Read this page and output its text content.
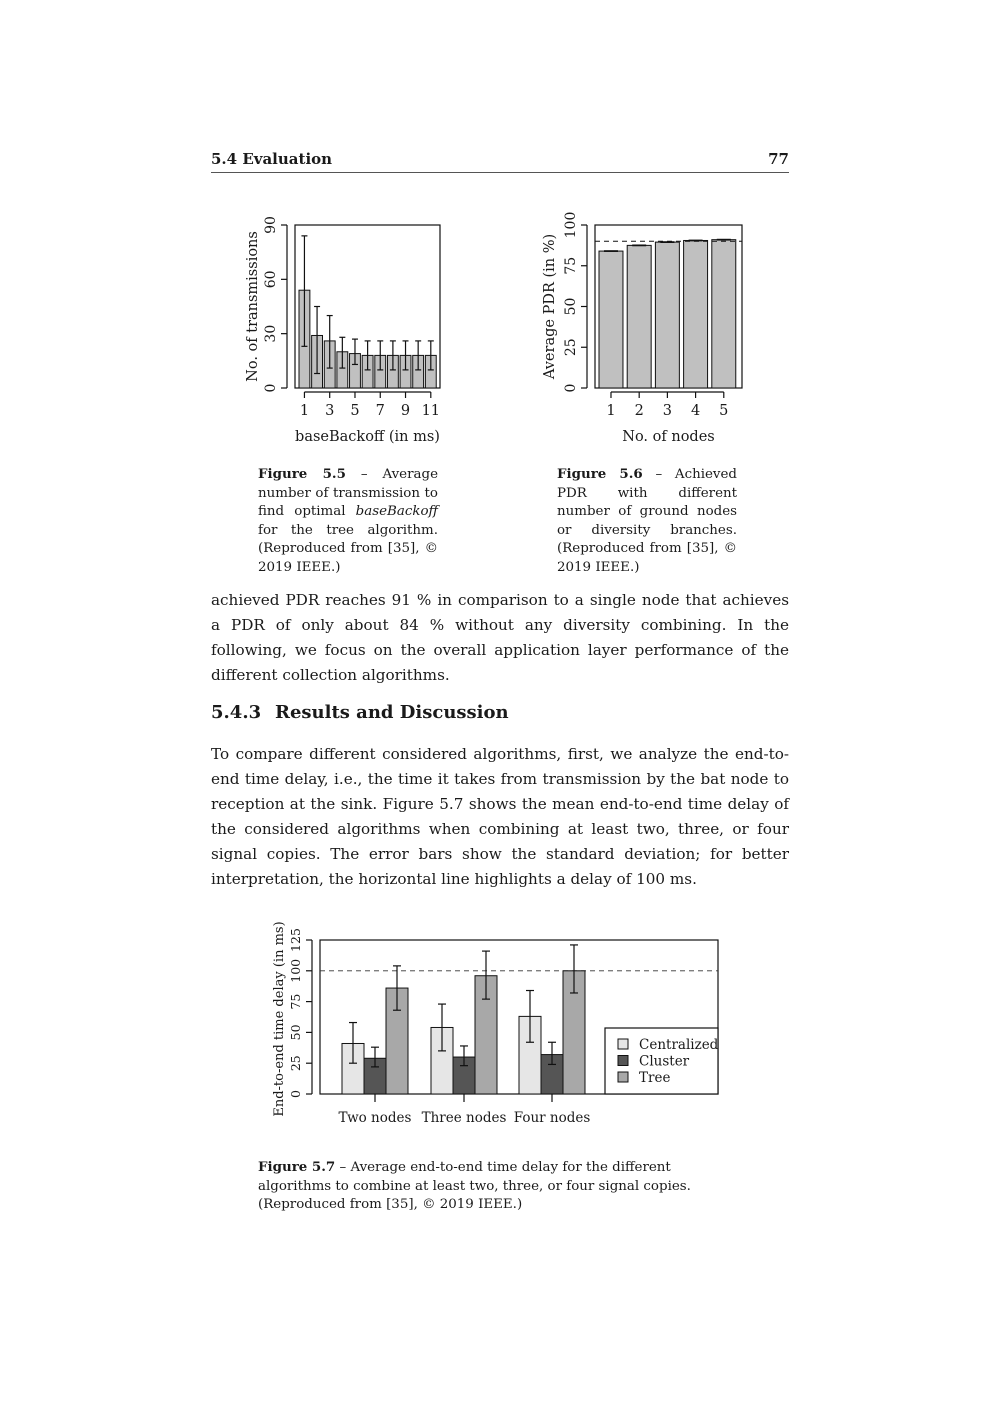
5.4 Evaluation	77
0
30
60
90
1 3 5 7 9 11
baseBackoff (in ms)
No. of transmissions
Figure 5.5 – Average number of transmission to find optimal baseBackoff for the tree algorithm. (Reproduced from [35], © 2019 IEEE.)
1 2 3 4 5
0
25
50
75
100
No. of nodes
Average PDR (in %)
Figure 5.6 – Achieved PDR with different number of ground nodes or diversity branches. (Reproduced from [35], © 2019 IEEE.)
achieved PDR reaches 91 % in comparison to a single node that achieves a PDR of only about 84 % without any diversity combining. In the following, we focus on the overall application layer performance of the different collection algorithms.
5.4.3 Results and Discussion
To compare different considered algorithms, first, we analyze the end-to-end time delay, i.e., the time it takes from transmission by the bat node to reception at the sink. Figure 5.7 shows the mean end-to-end time delay of the considered algorithms when combining at least two, three, or four signal copies. The error bars show the standard deviation; for better interpretation, the horizontal line highlights a delay of 100 ms.
Two nodes Three nodes Four nodes
0
25
50
75
100
125
End-to-end time delay (in ms)	Centralized
Cluster
Tree
Figure 5.7 – Average end-to-end time delay for the different algorithms to combine at least two, three, or four signal copies. (Reproduced from [35], © 2019 IEEE.)
